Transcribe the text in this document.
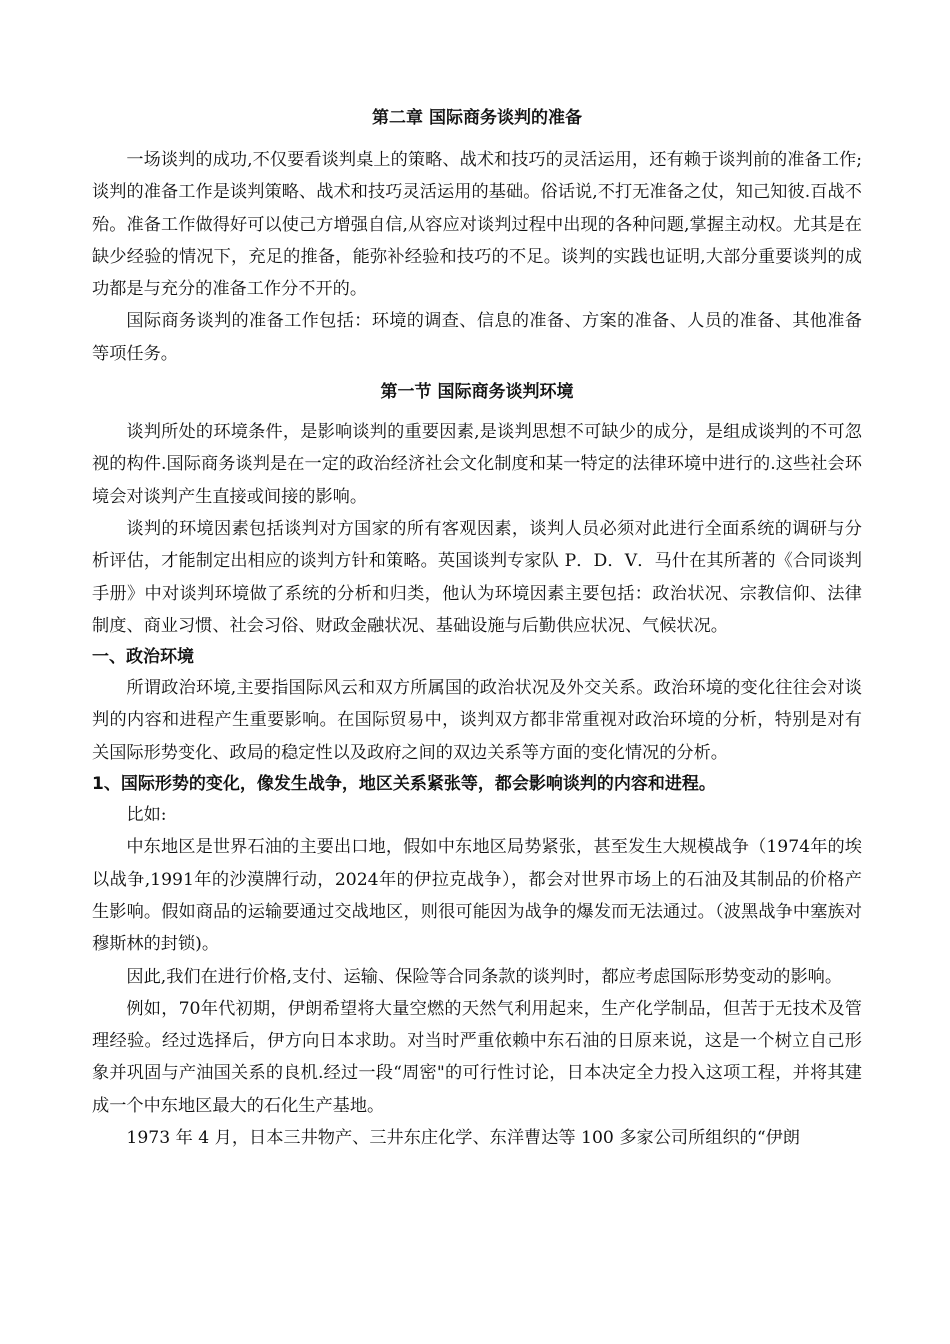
第二章 国际商务谈判的准备

一场谈判的成功,不仅要看谈判桌上的策略、战术和技巧的灵活运用，还有赖于谈判前的准备工作;谈判的准备工作是谈判策略、战术和技巧灵活运用的基础。俗话说,不打无准备之仗，知己知彼.百战不殆。准备工作做得好可以使己方增强自信,从容应对谈判过程中出现的各种问题,掌握主动权。尤其是在缺少经验的情况下，充足的推备，能弥补经验和技巧的不足。谈判的实践也证明,大部分重要谈判的成功都是与充分的准备工作分不开的。

国际商务谈判的准备工作包括：环境的调查、信息的准备、方案的准备、人员的准备、其他准备等项任务。

第一节 国际商务谈判环境

谈判所处的环境条件，是影响谈判的重要因素,是谈判思想不可缺少的成分，是组成谈判的不可忽视的构件.国际商务谈判是在一定的政治经济社会文化制度和某一特定的法律环境中进行的.这些社会环境会对谈判产生直接或间接的影响。

谈判的环境因素包括谈判对方国家的所有客观因素，谈判人员必须对此进行全面系统的调研与分析评估，才能制定出相应的谈判方针和策略。英国谈判专家队 P．D．V．马什在其所著的《合同谈判手册》中对谈判环境做了系统的分析和归类，他认为环境因素主要包括：政治状况、宗教信仰、法律制度、商业习惯、社会习俗、财政金融状况、基础设施与后勤供应状况、气候状况。

一、政治环境

所谓政治环境,主要指国际风云和双方所属国的政治状况及外交关系。政治环境的变化往往会对谈判的内容和进程产生重要影响。在国际贸易中，谈判双方都非常重视对政治环境的分析，特别是对有关国际形势变化、政局的稳定性以及政府之间的双边关系等方面的变化情况的分析。

1、国际形势的变化，像发生战争，地区关系紧张等，都会影响谈判的内容和进程。

比如:

中东地区是世界石油的主要出口地，假如中东地区局势紧张，甚至发生大规模战争（1974年的埃以战争,1991年的沙漠牌行动，2024年的伊拉克战争），都会对世界市场上的石油及其制品的价格产生影响。假如商品的运输要通过交战地区，则很可能因为战争的爆发而无法通过。（波黑战争中塞族对穆斯林的封锁)。

因此,我们在进行价格,支付、运输、保险等合同条款的谈判时，都应考虑国际形势变动的影响。

例如，70年代初期，伊朗希望将大量空燃的天然气利用起来，生产化学制品，但苦于无技术及管理经验。经过选择后，伊方向日本求助。对当时严重依赖中东石油的日原来说，这是一个树立自己形象并巩固与产油国关系的良机.经过一段“周密"的可行性讨论，日本决定全力投入这项工程，并将其建成一个中东地区最大的石化生产基地。

1973 年 4 月，日本三井物产、三井东庄化学、东洋曹达等 100 多家公司所组织的“伊朗
